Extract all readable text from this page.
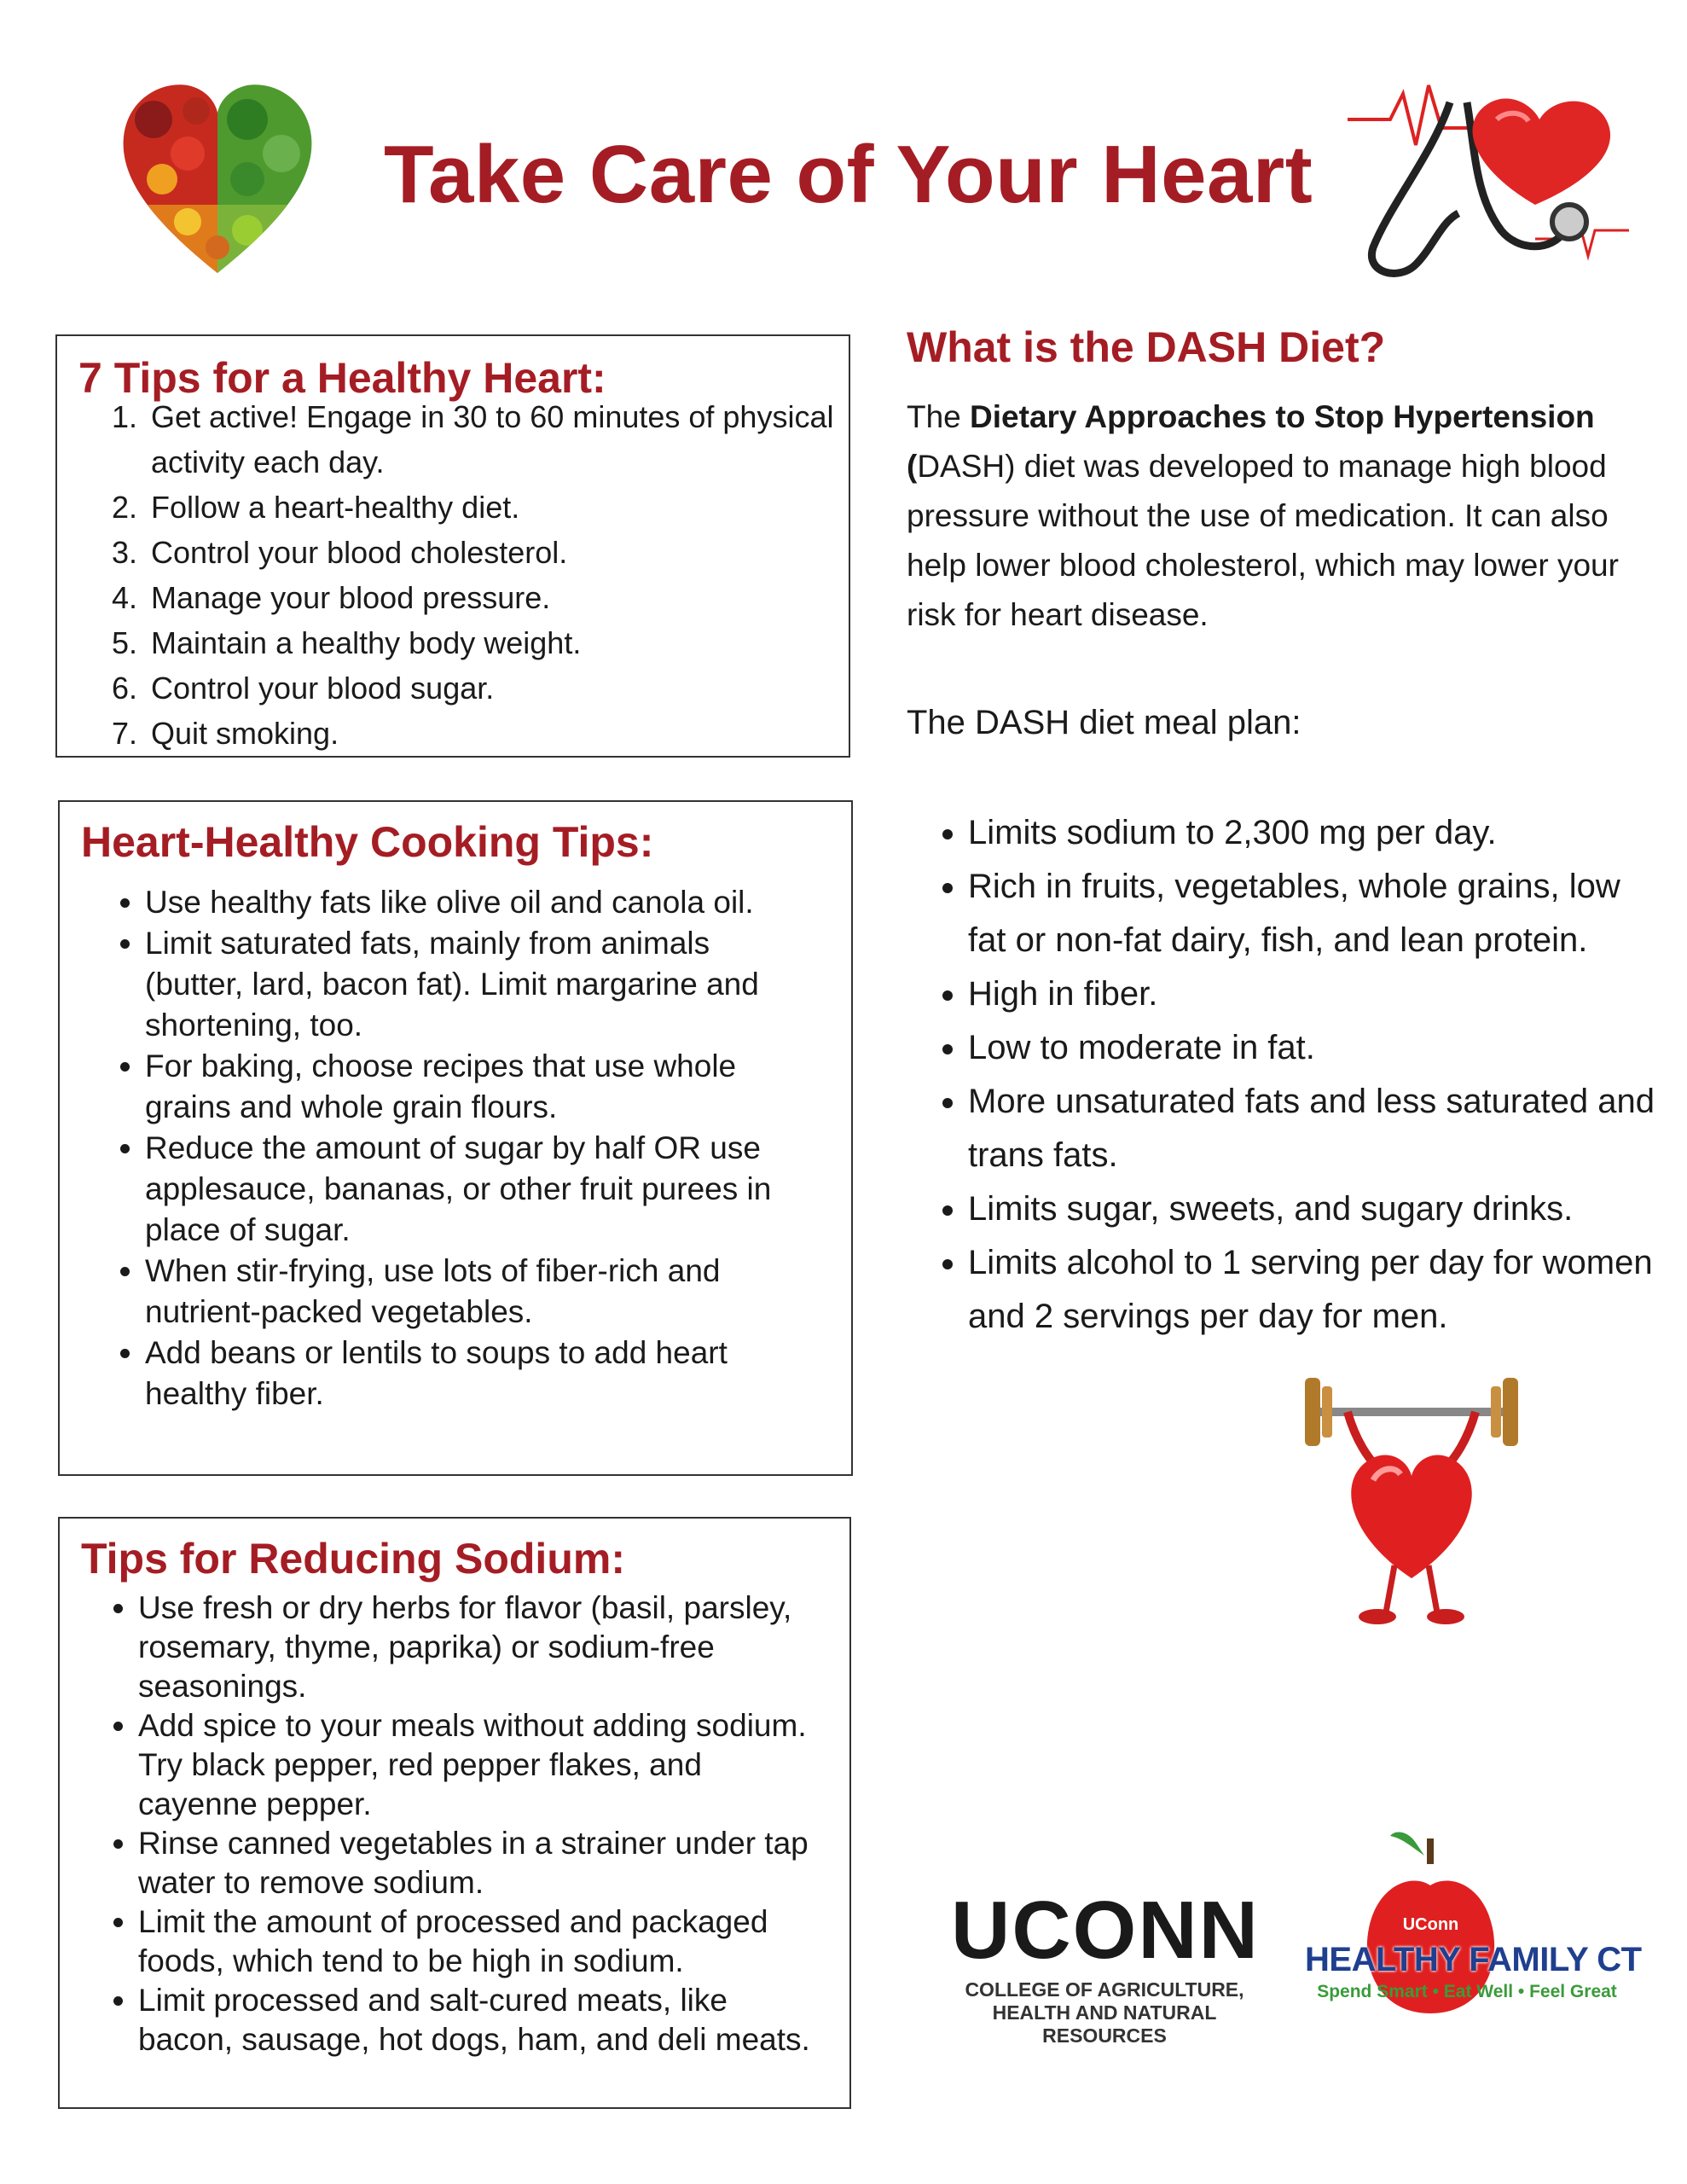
Take Care of Your Heart
7 Tips for a Healthy Heart:
1. Get active! Engage in 30 to 60 minutes of physical activity each day.
2. Follow a heart-healthy diet.
3. Control your blood cholesterol.
4. Manage your blood pressure.
5. Maintain a healthy body weight.
6. Control your blood sugar.
7. Quit smoking.
Heart-Healthy Cooking Tips:
• Use healthy fats like olive oil and canola oil.
• Limit saturated fats, mainly from animals (butter, lard, bacon fat). Limit margarine and shortening, too.
• For baking, choose recipes that use whole grains and whole grain flours.
• Reduce the amount of sugar by half OR use applesauce, bananas, or other fruit purees in place of sugar.
• When stir-frying, use lots of fiber-rich and nutrient-packed vegetables.
• Add beans or lentils to soups to add heart healthy fiber.
Tips for Reducing Sodium:
• Use fresh or dry herbs for flavor (basil, parsley, rosemary, thyme, paprika) or sodium-free seasonings.
• Add spice to your meals without adding sodium. Try black pepper, red pepper flakes, and cayenne pepper.
• Rinse canned vegetables in a strainer under tap water to remove sodium.
• Limit the amount of processed and packaged foods, which tend to be high in sodium.
• Limit processed and salt-cured meats, like bacon, sausage, hot dogs, ham, and deli meats.
What is the DASH Diet?
The Dietary Approaches to Stop Hypertension (DASH) diet was developed to manage high blood pressure without the use of medication. It can also help lower blood cholesterol, which may lower your risk for heart disease.
The DASH diet meal plan:
• Limits sodium to 2,300 mg per day.
• Rich in fruits, vegetables, whole grains, low fat or non-fat dairy, fish, and lean protein.
• High in fiber.
• Low to moderate in fat.
• More unsaturated fats and less saturated and trans fats.
• Limits sugar, sweets, and sugary drinks.
• Limits alcohol to 1 serving per day for women and 2 servings per day for men.
UCONN
COLLEGE OF AGRICULTURE,
HEALTH AND NATURAL
RESOURCES
UConn
HEALTHY FAMILY CT
Spend Smart • Eat Well • Feel Great
